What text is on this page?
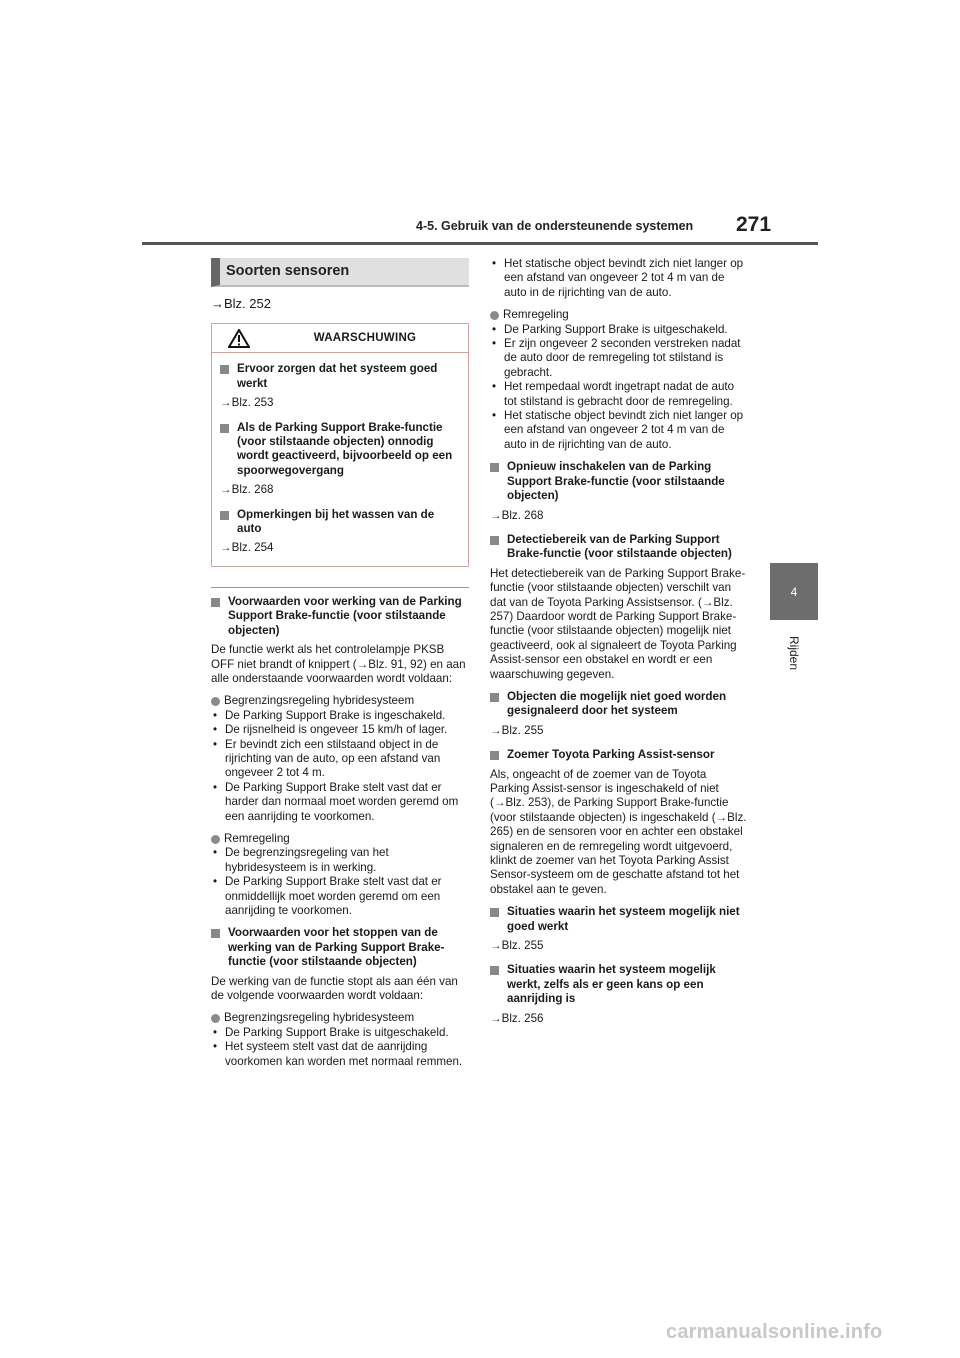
4-5. Gebruik van de ondersteunende systemen 271
4
Rijden
Soorten sensoren

→Blz. 252

WAARSCHUWING
Ervoor zorgen dat het systeem goed werkt

→Blz. 253

Als de Parking Support Brake-functie (voor stilstaande objecten) onnodig wordt geactiveerd, bijvoorbeeld op een spoorwegovergang

→Blz. 268

Opmerkingen bij het wassen van de auto

→Blz. 254

Voorwaarden voor werking van de Parking Support Brake-functie (voor stilstaande objecten)

De functie werkt als het controlelampje PKSB OFF niet brandt of knippert (→Blz. 91, 92) en aan alle onderstaande voorwaarden wordt voldaan:

Begrenzingsregeling hybridesysteem

• De Parking Support Brake is ingeschakeld.
• De rijsnelheid is ongeveer 15 km/h of lager.
• Er bevindt zich een stilstaand object in de rijrichting van de auto, op een afstand van ongeveer 2 tot 4 m.
• De Parking Support Brake stelt vast dat er harder dan normaal moet worden geremd om een aanrijding te voorkomen.

Remregeling

• De begrenzingsregeling van het hybridesysteem is in werking.
• De Parking Support Brake stelt vast dat er onmiddellijk moet worden geremd om een aanrijding te voorkomen.
Voorwaarden voor het stoppen van de werking van de Parking Support Brake-functie (voor stilstaande objecten)

De werking van de functie stopt als aan één van de volgende voorwaarden wordt voldaan:

Begrenzingsregeling hybridesysteem

• De Parking Support Brake is uitgeschakeld.
• Het systeem stelt vast dat de aanrijding voorkomen kan worden met normaal remmen.
• Het statische object bevindt zich niet langer op een afstand van ongeveer 2 tot 4 m van de auto in de rijrichting van de auto.

Remregeling

• De Parking Support Brake is uitgeschakeld.
• Er zijn ongeveer 2 seconden verstreken nadat de auto door de remregeling tot stilstand is gebracht.
• Het rempedaal wordt ingetrapt nadat de auto tot stilstand is gebracht door de remregeling.
• Het statische object bevindt zich niet langer op een afstand van ongeveer 2 tot 4 m van de auto in de rijrichting van de auto.
Opnieuw inschakelen van de Parking Support Brake-functie (voor stilstaande objecten)

→Blz. 268

Detectiebereik van de Parking Support Brake-functie (voor stilstaande objecten)

Het detectiebereik van de Parking Support Brake-functie (voor stilstaande objecten) verschilt van dat van de Toyota Parking Assistsensor. (→Blz. 257) Daardoor wordt de Parking Support Brake-functie (voor stilstaande objecten) mogelijk niet geactiveerd, ook al signaleert de Toyota Parking Assist-sensor een obstakel en wordt er een waarschuwing gegeven.

Objecten die mogelijk niet goed worden gesignaleerd door het systeem

→Blz. 255

Zoemer Toyota Parking Assist-sensor

Als, ongeacht of de zoemer van de Toyota Parking Assist-sensor is ingeschakeld of niet (→Blz. 253), de Parking Support Brake-functie (voor stilstaande objecten) is ingeschakeld (→Blz. 265) en de sensoren voor en achter een obstakel signaleren en de remregeling wordt uitgevoerd, klinkt de zoemer van het Toyota Parking Assist Sensor-systeem om de geschatte afstand tot het obstakel aan te geven.

Situaties waarin het systeem mogelijk niet goed werkt

→Blz. 255

Situaties waarin het systeem mogelijk werkt, zelfs als er geen kans op een aanrijding is

→Blz. 256

carmanualsonline.info
